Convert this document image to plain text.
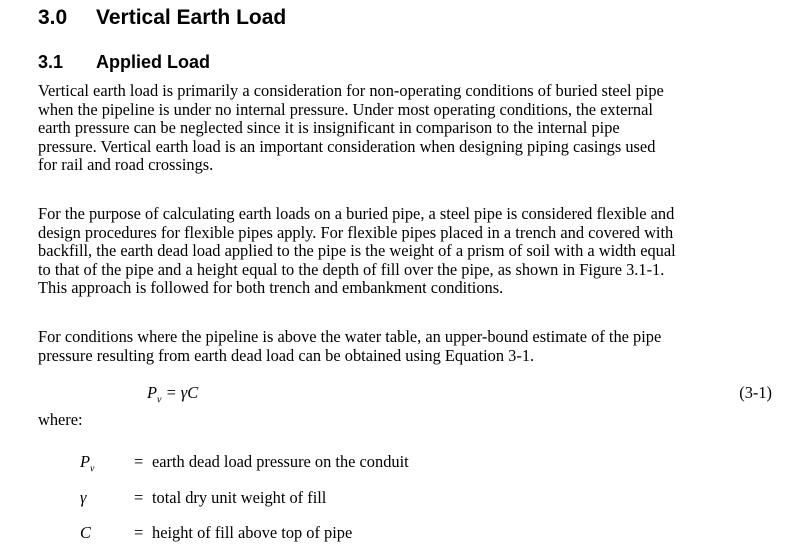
3.0 Vertical Earth Load
3.1 Applied Load
Vertical earth load is primarily a consideration for non-operating conditions of buried steel pipe
when the pipeline is under no internal pressure. Under most operating conditions, the external
earth pressure can be neglected since it is insignificant in comparison to the internal pipe
pressure. Vertical earth load is an important consideration when designing piping casings used
for rail and road crossings.
For the purpose of calculating earth loads on a buried pipe, a steel pipe is considered flexible and
design procedures for flexible pipes apply. For flexible pipes placed in a trench and covered with
backfill, the earth dead load applied to the pipe is the weight of a prism of soil with a width equal
to that of the pipe and a height equal to the depth of fill over the pipe, as shown in Figure 3.1-1.
This approach is followed for both trench and embankment conditions.
For conditions where the pipeline is above the water table, an upper-bound estimate of the pipe
pressure resulting from earth dead load can be obtained using Equation 3-1.
$P_v = \gamma C$	(3-1)
where:
$P_v$ = earth dead load pressure on the conduit
γ	= total dry unit weight of fill
C	= height of fill above top of pipe
